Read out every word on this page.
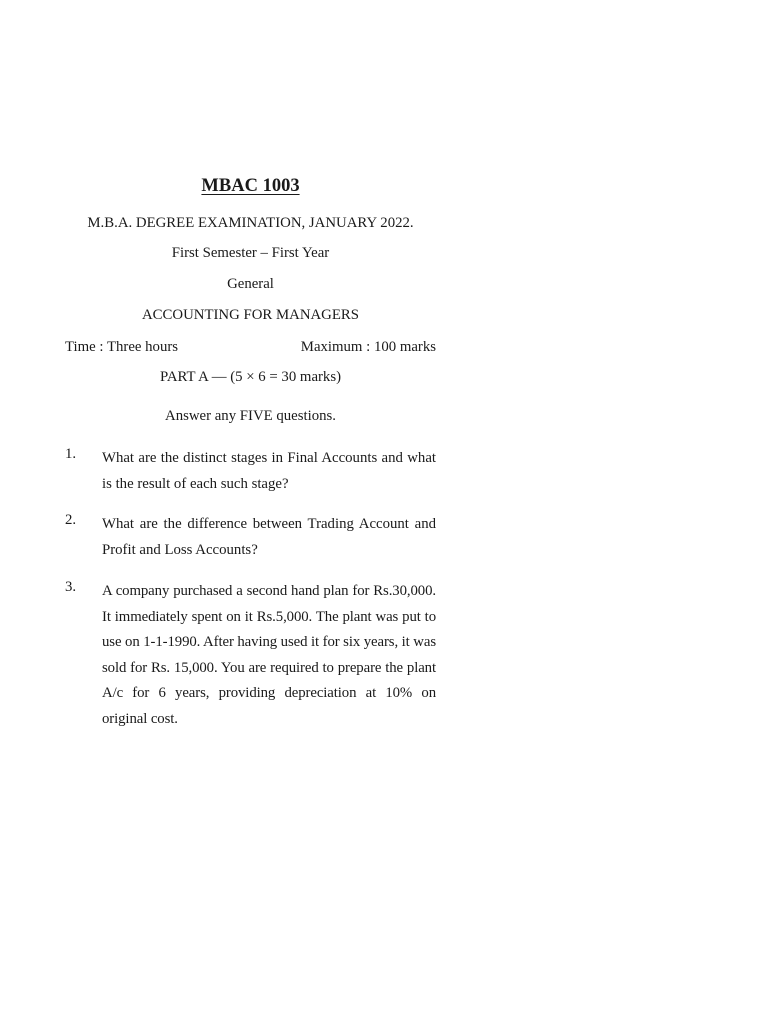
MBAC 1003
M.B.A. DEGREE EXAMINATION, JANUARY 2022.
First Semester – First Year
General
ACCOUNTING FOR MANAGERS
Time : Three hours	Maximum : 100 marks
PART A — (5 × 6 = 30 marks)
Answer any FIVE questions.
1. What are the distinct stages in Final Accounts and what is the result of each such stage?
2. What are the difference between Trading Account and Profit and Loss Accounts?
3. A company purchased a second hand plan for Rs.30,000. It immediately spent on it Rs.5,000. The plant was put to use on 1-1-1990. After having used it for six years, it was sold for Rs. 15,000. You are required to prepare the plant A/c for 6 years, providing depreciation at 10% on original cost.
